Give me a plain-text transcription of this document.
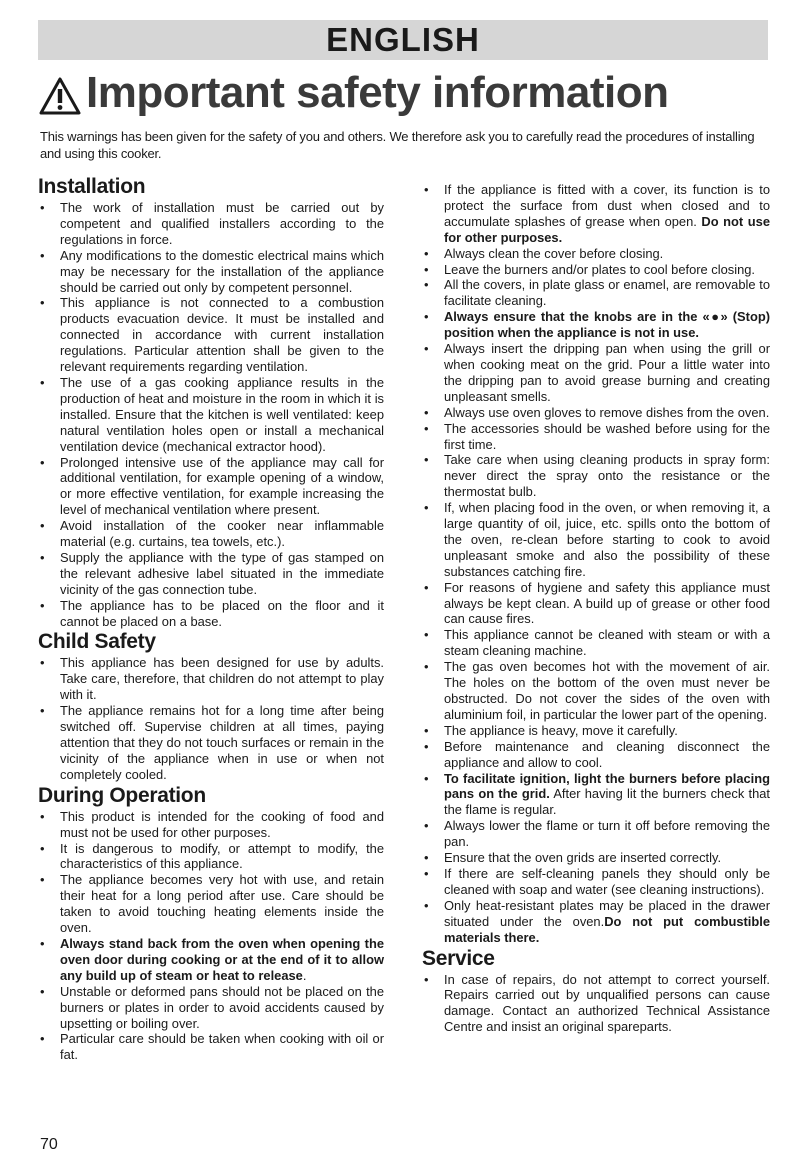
ENGLISH
Important safety information
This warnings has been given for the safety of you and others. We therefore ask you to carefully read the procedures of installing and using this cooker.
Installation
• The work of installation must be carried out by competent and qualified installers according to the regulations in force.
• Any modifications to the domestic electrical mains which may be necessary for the installation of the appliance should be carried out only by competent personnel.
• This appliance is not connected to a combustion products evacuation device. It must be installed and connected in accordance with current installation regulations. Particular attention shall be given to the relevant requirements regarding ventilation.
• The use of a gas cooking appliance results in the production of heat and moisture in the room in which it is installed. Ensure that the kitchen is well ventilated: keep natural ventilation holes open or install a mechanical ventilation device (mechanical extractor hood).
• Prolonged intensive use of the appliance may call for additional ventilation, for example opening of a window, or more effective ventilation, for example increasing the level of mechanical ventilation where present.
• Avoid installation of the cooker near inflammable material (e.g. curtains, tea towels, etc.).
• Supply the appliance with the type of gas stamped on the relevant adhesive label situated in the immediate vicinity of the gas connection tube.
• The appliance has to be placed on the floor and it cannot be placed on a base.
Child Safety
• This appliance has been designed for use by adults. Take care, therefore, that children do not attempt to play with it.
• The appliance remains hot for a long time after being switched off. Supervise children at all times, paying attention that they do not touch surfaces or remain in the vicinity of the appliance when in use or when not completely cooled.
During Operation
• This product is intended for the cooking of food and must not be used for other purposes.
• It is dangerous to modify, or attempt to modify, the characteristics of this appliance.
• The appliance becomes very hot with use, and retain their heat for a long period after use. Care should be taken to avoid touching heating elements inside the oven.
• Always stand back from the oven when opening the oven door during cooking or at the end of it to allow any build up of steam or heat to release.
• Unstable or deformed pans should not be placed on the burners or plates in order to avoid accidents caused by upsetting or boiling over.
• Particular care should be taken when cooking with oil or fat.
• If the appliance is fitted with a cover, its function is to protect the surface from dust when closed and to accumulate splashes of grease when open. Do not use for other purposes.
• Always clean the cover before closing.
• Leave the burners and/or plates to cool before closing.
• All the covers, in plate glass or enamel, are removable to facilitate cleaning.
• Always ensure that the knobs are in the «●» (Stop) position when the appliance is not in use.
• Always insert the dripping pan when using the grill or when cooking meat on the grid. Pour a little water into the dripping pan to avoid grease burning and creating unpleasant smells.
• Always use oven gloves to remove dishes from the oven.
• The accessories should be washed before using for the first time.
• Take care when using cleaning products in spray form: never direct the spray onto the resistance or the thermostat bulb.
• If, when placing food in the oven, or when removing it, a large quantity of oil, juice, etc. spills onto the bottom of the oven, re-clean before starting to cook to avoid unpleasant smoke and also the possibility of these substances catching fire.
• For reasons of hygiene and safety this appliance must always be kept clean. A build up of grease or other food can cause fires.
• This appliance cannot be cleaned with steam or with a steam cleaning machine.
• The gas oven becomes hot with the movement of air. The holes on the bottom of the oven must never be obstructed. Do not cover the sides of the oven with aluminium foil, in particular the lower part of the opening.
• The appliance is heavy, move it carefully.
• Before maintenance and cleaning disconnect the appliance and allow to cool.
• To facilitate ignition, light the burners before placing pans on the grid. After having lit the burners check that the flame is regular.
• Always lower the flame or turn it off before removing the pan.
• Ensure that the oven grids are inserted correctly.
• If there are self-cleaning panels they should only be cleaned with soap and water (see cleaning instructions).
• Only heat-resistant plates may be placed in the drawer situated under the oven.Do not put combustible materials there.
Service
• In case of repairs, do not attempt to correct yourself. Repairs carried out by unqualified persons can cause damage. Contact an authorized Technical Assistance Centre and insist an original spareparts.
70
